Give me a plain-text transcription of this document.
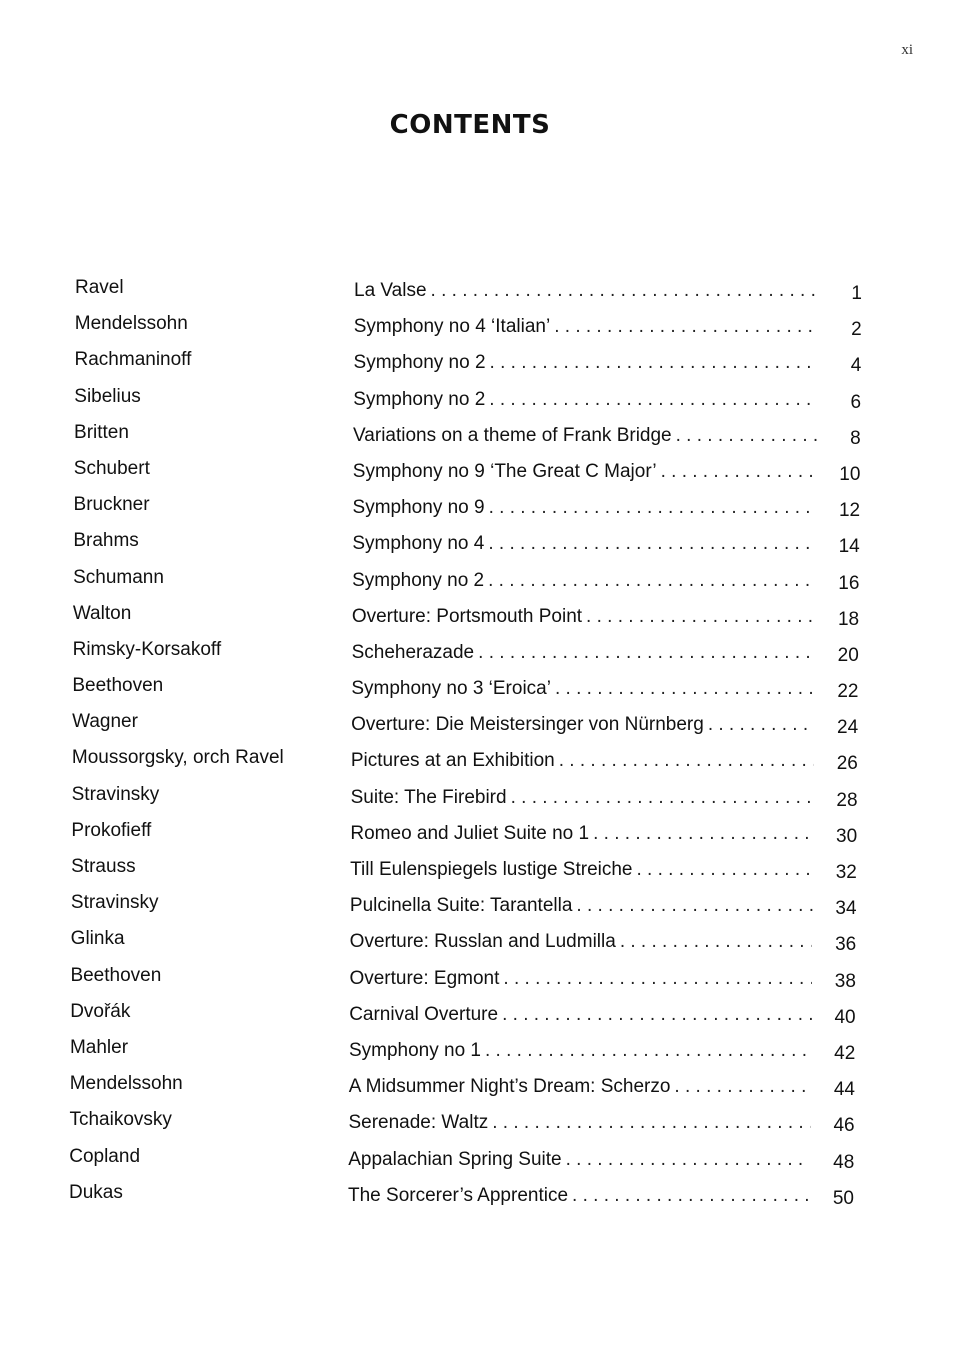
xi
CONTENTS
Ravel	La Valse . . .	1
Mendelssohn	Symphony no 4 ‘Italian’ . . .	2
Rachmaninoff	Symphony no 2 . . .	4
Sibelius	Symphony no 2 . . .	6
Britten	Variations on a theme of Frank Bridge . . .	8
Schubert	Symphony no 9 ‘The Great C Major’ . . .	10
Bruckner	Symphony no 9 . . .	12
Brahms	Symphony no 4 . . .	14
Schumann	Symphony no 2 . . .	16
Walton	Overture: Portsmouth Point . . .	18
Rimsky-Korsakoff	Scheherazade . . .	20
Beethoven	Symphony no 3 ‘Eroica’ . . .	22
Wagner	Overture: Die Meistersinger von Nürnberg . . .	24
Moussorgsky, orch Ravel	Pictures at an Exhibition . . .	26
Stravinsky	Suite: The Firebird . . .	28
Prokofieff	Romeo and Juliet Suite no 1 . . .	30
Strauss	Till Eulenspiegels lustige Streiche . . .	32
Stravinsky	Pulcinella Suite: Tarantella . . .	34
Glinka	Overture: Russlan and Ludmilla . . .	36
Beethoven	Overture: Egmont . . .	38
Dvořák	Carnival Overture . . .	40
Mahler	Symphony no 1 . . .	42
Mendelssohn	A Midsummer Night’s Dream: Scherzo . . .	44
Tchaikovsky	Serenade: Waltz . . .	46
Copland	Appalachian Spring Suite . . .	48
Dukas	The Sorcerer’s Apprentice . . .	50
